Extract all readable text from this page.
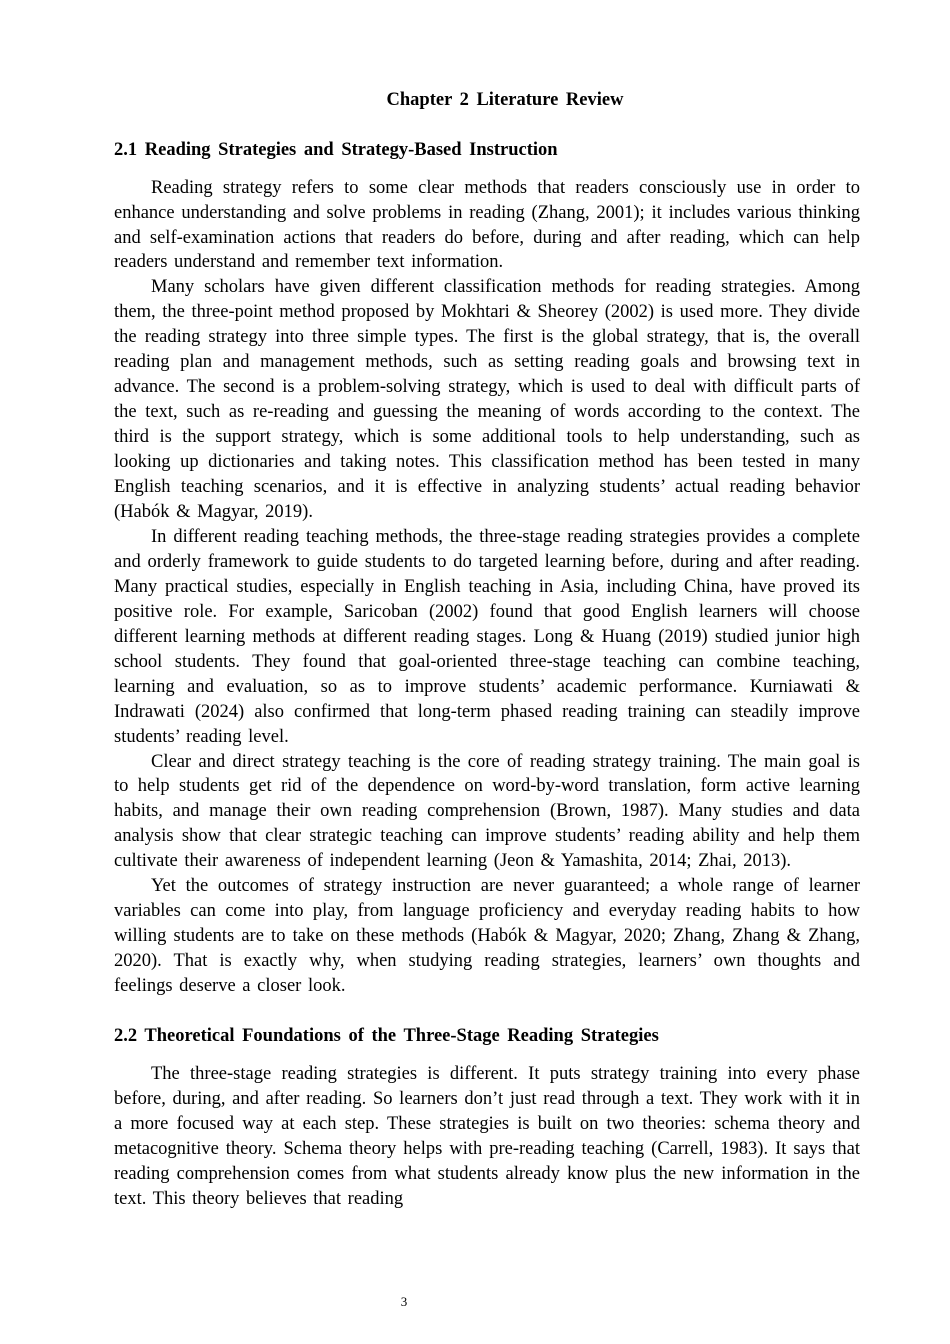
Chapter 2 Literature Review
2.1 Reading Strategies and Strategy-Based Instruction

Reading strategy refers to some clear methods that readers consciously use in order to enhance understanding and solve problems in reading (Zhang, 2001); it includes various thinking and self-examination actions that readers do before, during and after reading, which can help readers understand and remember text information.

Many scholars have given different classification methods for reading strategies. Among them, the three-point method proposed by Mokhtari & Sheorey (2002) is used more. They divide the reading strategy into three simple types. The first is the global strategy, that is, the overall reading plan and management methods, such as setting reading goals and browsing text in advance. The second is a problem-solving strategy, which is used to deal with difficult parts of the text, such as re-reading and guessing the meaning of words according to the context. The third is the support strategy, which is some additional tools to help understanding, such as looking up dictionaries and taking notes. This classification method has been tested in many English teaching scenarios, and it is effective in analyzing students’ actual reading behavior (Habók & Magyar, 2019).

In different reading teaching methods, the three-stage reading strategies provides a complete and orderly framework to guide students to do targeted learning before, during and after reading. Many practical studies, especially in English teaching in Asia, including China, have proved its positive role. For example, Saricoban (2002) found that good English learners will choose different learning methods at different reading stages. Long & Huang (2019) studied junior high school students. They found that goal-oriented three-stage teaching can combine teaching, learning and evaluation, so as to improve students’ academic performance. Kurniawati & Indrawati (2024) also confirmed that long-term phased reading training can steadily improve students’ reading level.

Clear and direct strategy teaching is the core of reading strategy training. The main goal is to help students get rid of the dependence on word-by-word translation, form active learning habits, and manage their own reading comprehension (Brown, 1987). Many studies and data analysis show that clear strategic teaching can improve students’ reading ability and help them cultivate their awareness of independent learning (Jeon & Yamashita, 2014; Zhai, 2013).

Yet the outcomes of strategy instruction are never guaranteed; a whole range of learner variables can come into play, from language proficiency and everyday reading habits to how willing students are to take on these methods (Habók & Magyar, 2020; Zhang, Zhang & Zhang, 2020). That is exactly why, when studying reading strategies, learners’ own thoughts and feelings deserve a closer look.

2.2 Theoretical Foundations of the Three-Stage Reading Strategies

The three-stage reading strategies is different. It puts strategy training into every phase before, during, and after reading. So learners don’t just read through a text. They work with it in a more focused way at each step. These strategies is built on two theories: schema theory and metacognitive theory. Schema theory helps with pre-reading teaching (Carrell, 1983). It says that reading comprehension comes from what students already know plus the new information in the text. This theory believes that reading

3
